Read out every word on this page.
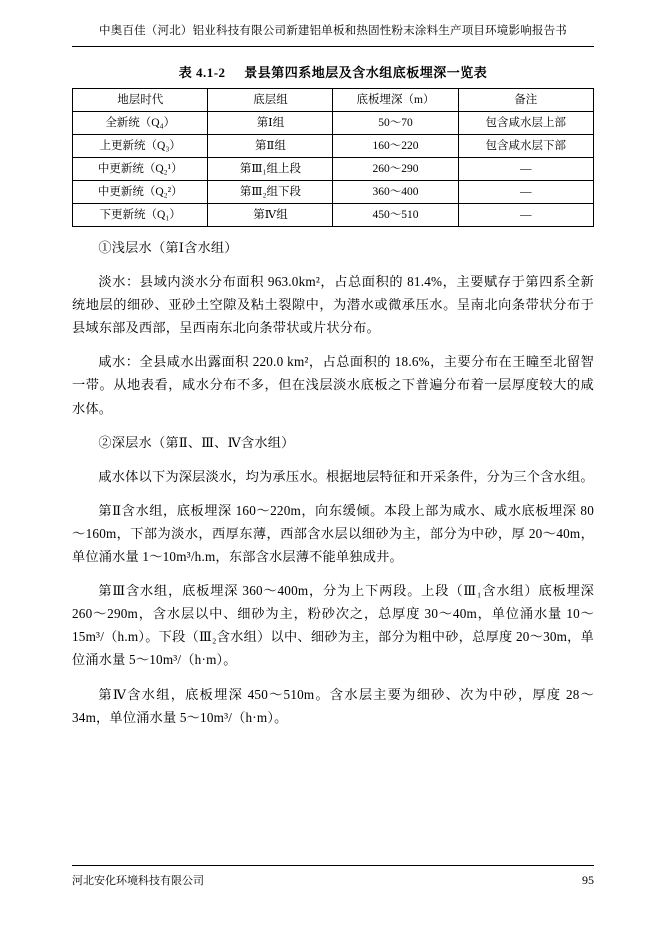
中奥百佳（河北）铝业科技有限公司新建铝单板和热固性粉末涂料生产项目环境影响报告书
表 4.1-2 景县第四系地层及含水组底板埋深一览表
地层时代	底层组	底板埋深（m）	备注
全新统（Q₄）	第Ⅰ组	50～70	包含咸水层上部
上更新统（Q₃）	第Ⅱ组	160～220	包含咸水层下部
中更新统（Q₂¹）	第Ⅲ₁组上段	260～290	—
中更新统（Q₂²）	第Ⅲ₂组下段	360～400	—
下更新统（Q₁）	第Ⅳ组	450～510	—

①浅层水（第Ⅰ含水组）

淡水：县域内淡水分布面积 963.0km²，占总面积的 81.4%，主要赋存于第四系全新统地层的细砂、亚砂土空隙及粘土裂隙中，为潜水或微承压水。呈南北向条带状分布于县域东部及西部，呈西南东北向条带状或片状分布。

咸水：全县咸水出露面积 220.0 km²，占总面积的 18.6%，主要分布在王瞳至北留智一带。从地表看，咸水分布不多，但在浅层淡水底板之下普遍分布着一层厚度较大的咸水体。

②深层水（第Ⅱ、Ⅲ、Ⅳ含水组）

咸水体以下为深层淡水，均为承压水。根据地层特征和开采条件，分为三个含水组。

第Ⅱ含水组，底板埋深 160～220m，向东缓倾。本段上部为咸水、咸水底板埋深 80～160m，下部为淡水，西厚东薄，西部含水层以细砂为主，部分为中砂，厚 20～40m，单位涌水量 1～10m³/h.m，东部含水层薄不能单独成井。

第Ⅲ含水组，底板埋深 360～400m，分为上下两段。上段（Ⅲ₁含水组）底板埋深 260～290m，含水层以中、细砂为主，粉砂次之，总厚度 30～40m，单位涌水量 10～15m³/（h.m）。下段（Ⅲ₂含水组）以中、细砂为主，部分为粗中砂，总厚度 20～30m，单位涌水量 5～10m³/（h·m）。

第Ⅳ含水组，底板埋深 450～510m。含水层主要为细砂、次为中砂，厚度 28～34m，单位涌水量 5～10m³/（h·m）。

河北安化环境科技有限公司	95
